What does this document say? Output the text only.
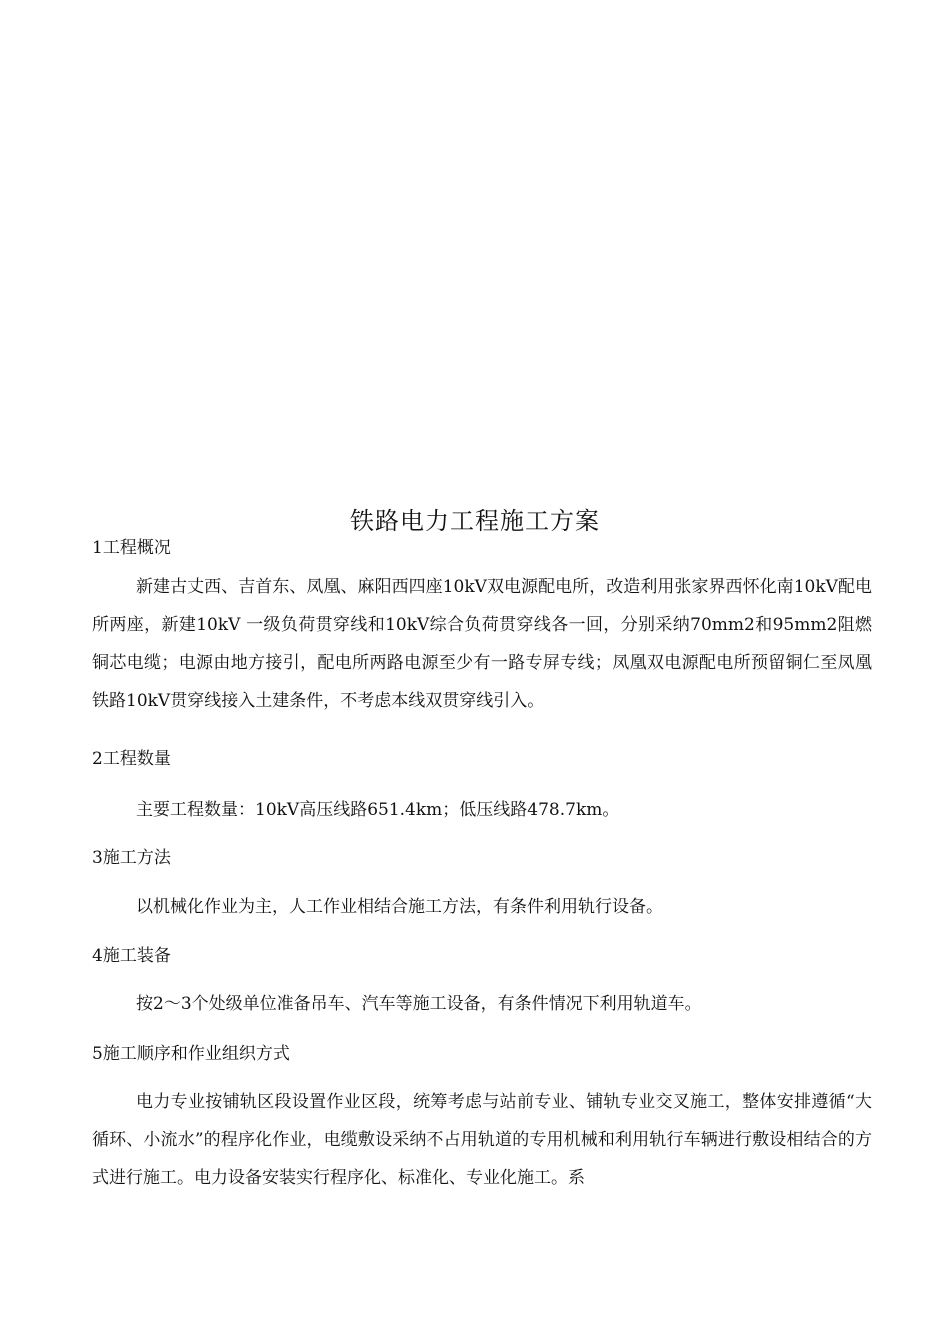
铁路电力工程施工方案
1工程概况
新建古丈西、吉首东、凤凰、麻阳西四座10kV双电源配电所，改造利用张家界西怀化南10kV配电所两座，新建10kV 一级负荷贯穿线和10kV综合负荷贯穿线各一回，分别采纳70mm2和95mm2阻燃铜芯电缆；电源由地方接引，配电所两路电源至少有一路专屏专线；凤凰双电源配电所预留铜仁至凤凰铁路10kV贯穿线接入土建条件，不考虑本线双贯穿线引入。
2工程数量
主要工程数量：10kV高压线路651.4km；低压线路478.7km。
3施工方法
以机械化作业为主，人工作业相结合施工方法，有条件利用轨行设备。
4施工装备
按2〜3个处级单位准备吊车、汽车等施工设备，有条件情况下利用轨道车。
5施工顺序和作业组织方式
电力专业按铺轨区段设置作业区段，统筹考虑与站前专业、铺轨专业交叉施工，整体安排遵循“大循环、小流水”的程序化作业，电缆敷设采纳不占用轨道的专用机械和利用轨行车辆进行敷设相结合的方式进行施工。电力设备安装实行程序化、标准化、专业化施工。系
